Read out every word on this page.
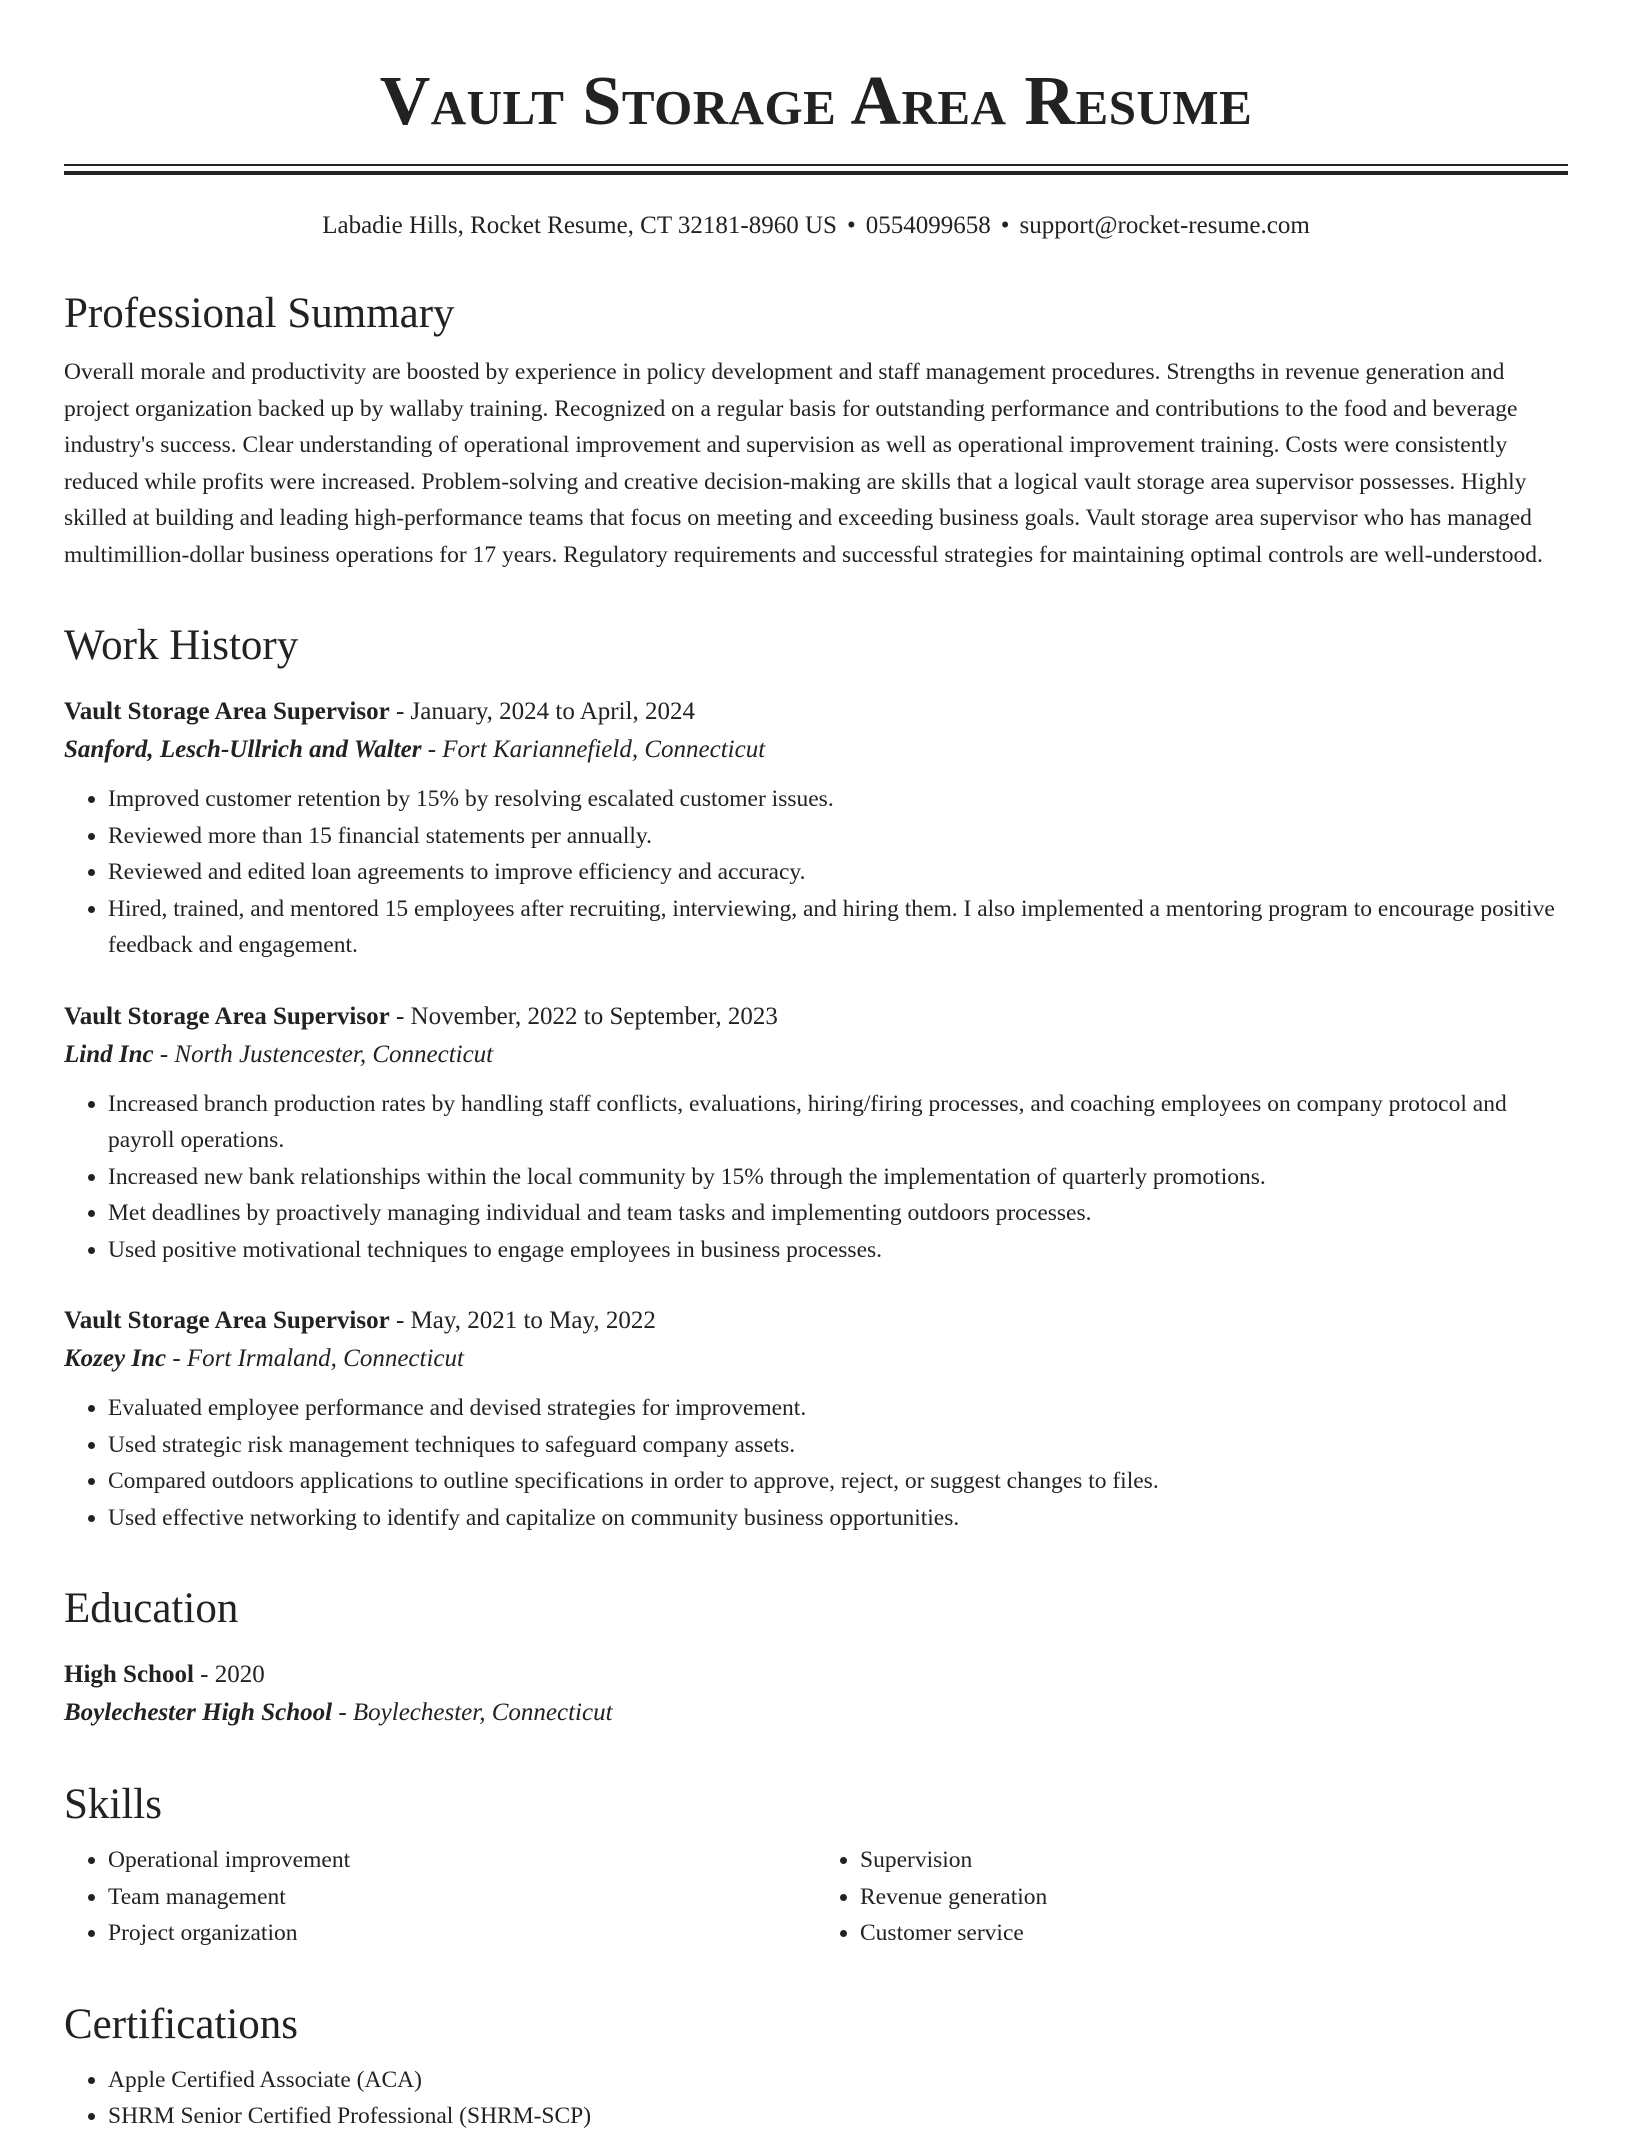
Vault Storage Area Resume
Labadie Hills, Rocket Resume, CT 32181-8960 US • 0554099658 • support@rocket-resume.com
Professional Summary
Overall morale and productivity are boosted by experience in policy development and staff management procedures. Strengths in revenue generation and project organization backed up by wallaby training. Recognized on a regular basis for outstanding performance and contributions to the food and beverage industry's success. Clear understanding of operational improvement and supervision as well as operational improvement training. Costs were consistently reduced while profits were increased. Problem-solving and creative decision-making are skills that a logical vault storage area supervisor possesses. Highly skilled at building and leading high-performance teams that focus on meeting and exceeding business goals. Vault storage area supervisor who has managed multimillion-dollar business operations for 17 years. Regulatory requirements and successful strategies for maintaining optimal controls are well-understood.
Work History
Vault Storage Area Supervisor - January, 2024 to April, 2024
Sanford, Lesch-Ullrich and Walter - Fort Kariannefield, Connecticut
• Improved customer retention by 15% by resolving escalated customer issues.
• Reviewed more than 15 financial statements per annually.
• Reviewed and edited loan agreements to improve efficiency and accuracy.
• Hired, trained, and mentored 15 employees after recruiting, interviewing, and hiring them. I also implemented a mentoring program to encourage positive feedback and engagement.
Vault Storage Area Supervisor - November, 2022 to September, 2023
Lind Inc - North Justencester, Connecticut
• Increased branch production rates by handling staff conflicts, evaluations, hiring/firing processes, and coaching employees on company protocol and payroll operations.
• Increased new bank relationships within the local community by 15% through the implementation of quarterly promotions.
• Met deadlines by proactively managing individual and team tasks and implementing outdoors processes.
• Used positive motivational techniques to engage employees in business processes.
Vault Storage Area Supervisor - May, 2021 to May, 2022
Kozey Inc - Fort Irmaland, Connecticut
• Evaluated employee performance and devised strategies for improvement.
• Used strategic risk management techniques to safeguard company assets.
• Compared outdoors applications to outline specifications in order to approve, reject, or suggest changes to files.
• Used effective networking to identify and capitalize on community business opportunities.
Education
High School - 2020
Boylechester High School - Boylechester, Connecticut
Skills
• Operational improvement
• Team management
• Project organization
• Supervision
• Revenue generation
• Customer service
Certifications
• Apple Certified Associate (ACA)
• SHRM Senior Certified Professional (SHRM-SCP)
